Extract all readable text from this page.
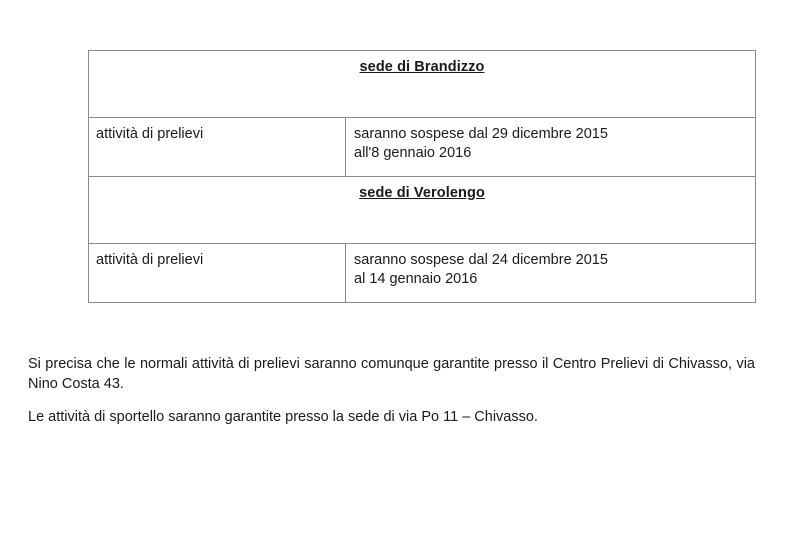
sede di Brandizzo	
attività di prelievi	saranno sospese dal 29 dicembre 2015
all'8 gennaio 2016

sede di Verolengo	
attività di prelievi	saranno sospese dal 24 dicembre 2015
al 14 gennaio 2016

Si precisa che le normali attività di prelievi saranno comunque garantite presso il Centro Prelievi di Chivasso, via Nino Costa 43.

Le attività di sportello saranno garantite presso la sede di via Po 11 – Chivasso.
